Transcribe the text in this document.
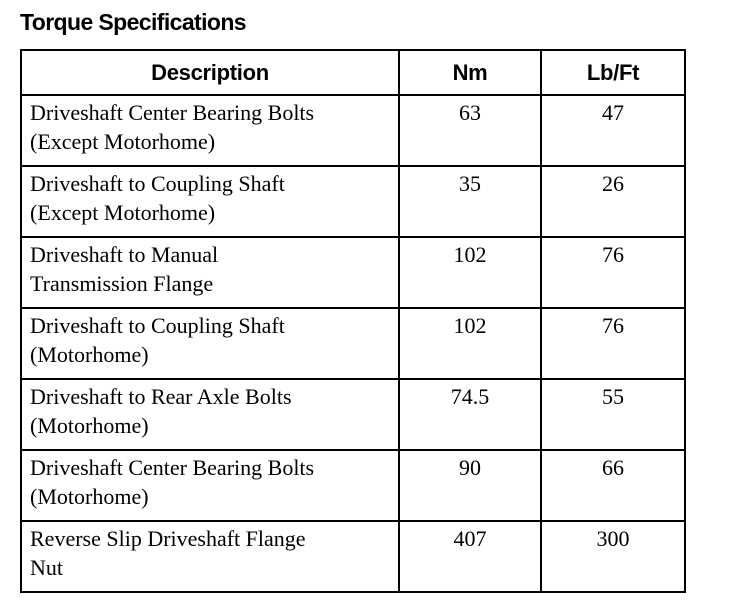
Torque Specifications
Description	Nm	Lb/Ft
Driveshaft Center Bearing Bolts
(Except Motorhome)	63	47
Driveshaft to Coupling Shaft
(Except Motorhome)	35	26
Driveshaft to Manual
Transmission Flange	102	76
Driveshaft to Coupling Shaft
(Motorhome)	102	76
Driveshaft to Rear Axle Bolts
(Motorhome)	74.5	55
Driveshaft Center Bearing Bolts
(Motorhome)	90	66
Reverse Slip Driveshaft Flange
Nut	407	300
